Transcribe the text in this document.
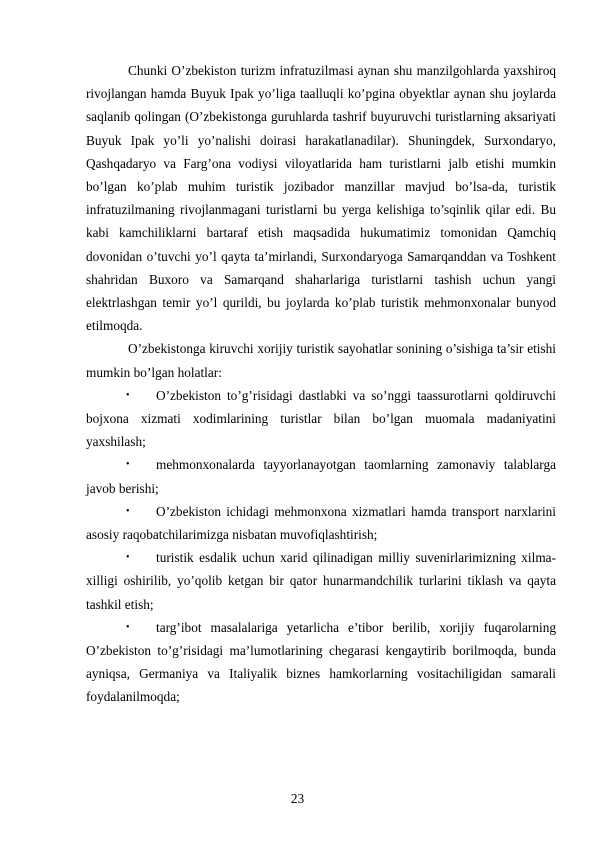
Chunki O’zbekiston turizm infratuzilmasi aynan shu manzilgohlarda yaxshiroq rivojlangan hamda Buyuk Ipak yo’liga taalluqli ko’pgina obyektlar aynan shu joylarda saqlanib qolingan (O’zbekistonga guruhlarda tashrif buyuruvchi turistlarning aksariyati Buyuk Ipak yo’li yo’nalishi doirasi harakatlanadilar). Shuningdek, Surxondaryo, Qashqadaryo va Farg’ona vodiysi viloyatlarida ham turistlarni jalb etishi mumkin bo’lgan ko’plab muhim turistik jozibador manzillar mavjud bo’lsa-da, turistik infratuzilmaning rivojlanmagani turistlarni bu yerga kelishiga to’sqinlik qilar edi. Bu kabi kamchiliklarni bartaraf etish maqsadida hukumatimiz tomonidan Qamchiq dovonidan o’tuvchi yo’l qayta ta’mirlandi, Surxondaryoga Samarqanddan va Toshkent shahridan Buxoro va Samarqand shaharlariga turistlarni tashish uchun yangi elektrlashgan temir yo’l qurildi, bu joylarda ko’plab turistik mehmonxonalar bunyod etilmoqda.

O’zbekistonga kiruvchi xorijiy turistik sayohatlar sonining o’sishiga ta’sir etishi mumkin bo’lgan holatlar:

• O’zbekiston to’g’risidagi dastlabki va so’nggi taassurotlarni qoldiruvchi bojxona xizmati xodimlarining turistlar bilan bo’lgan muomala madaniyatini yaxshilash;
• mehmonxonalarda tayyorlanayotgan taomlarning zamonaviy talablarga javob berishi;
• O’zbekiston ichidagi mehmonxona xizmatlari hamda transport narxlarini asosiy raqobatchilarimizga nisbatan muvofiqlashtirish;
• turistik esdalik uchun xarid qilinadigan milliy suvenirlarimizning xilma-xilligi oshirilib, yo’qolib ketgan bir qator hunarmandchilik turlarini tiklash va qayta tashkil etish;
• targ’ibot masalalariga yetarlicha e’tibor berilib, xorijiy fuqarolarning O’zbekiston to’g’risidagi ma’lumotlarining chegarasi kengaytirib borilmoqda, bunda ayniqsa, Germaniya va Italiyalik biznes hamkorlarning vositachiligidan samarali foydalanilmoqda;
23
